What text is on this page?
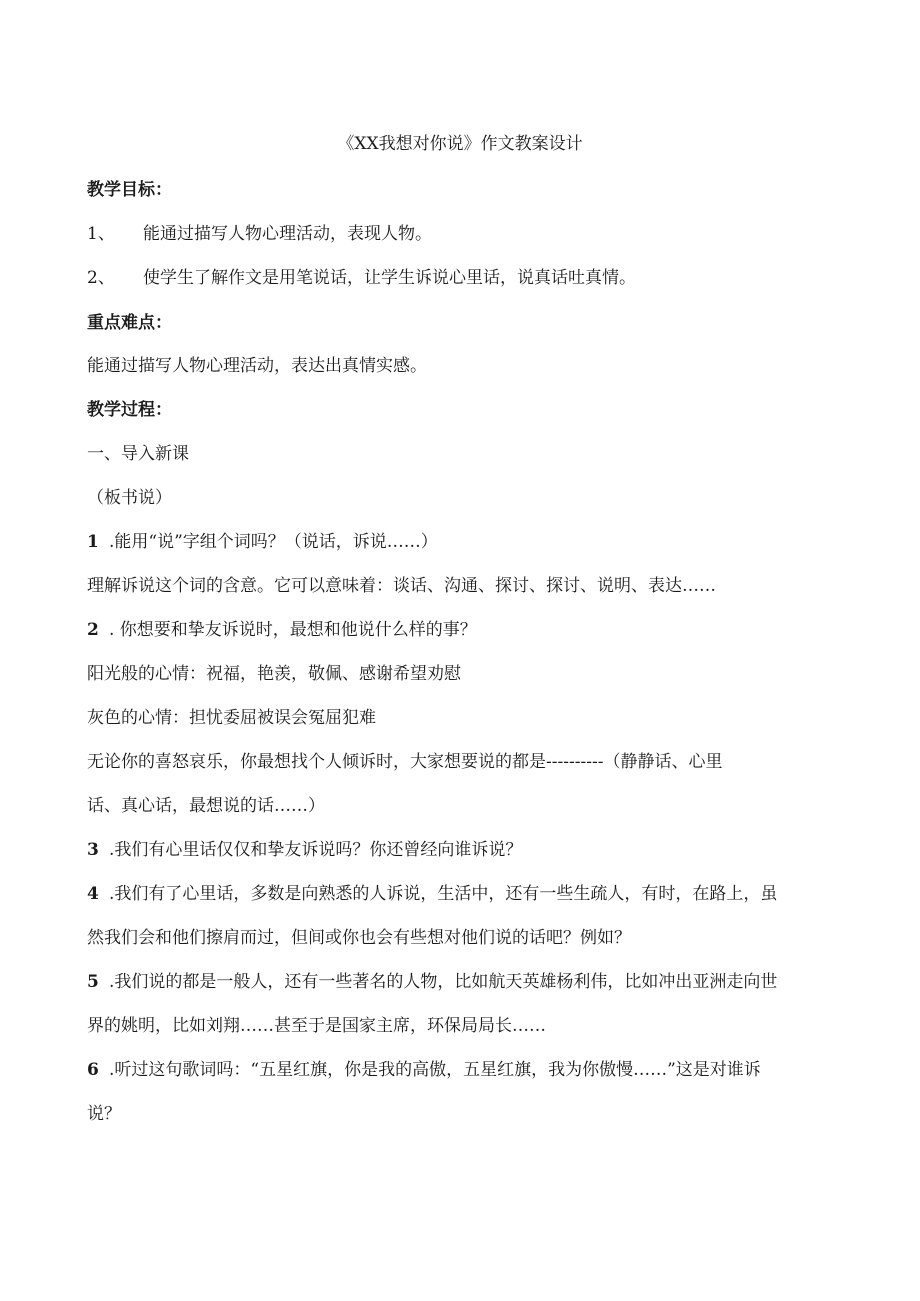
《XX我想对你说》作文教案设计
教学目标：
1、 能通过描写人物心理活动，表现人物。
2、 使学生了解作文是用笔说话，让学生诉说心里话，说真话吐真情。
重点难点：
能通过描写人物心理活动，表达出真情实感。
教学过程：
一、导入新课
（板书说）
1 .能用“说”字组个词吗？（说话，诉说……）
理解诉说这个词的含意。它可以意味着：谈话、沟通、探讨、探讨、说明、表达……
2 . 你想要和挚友诉说时，最想和他说什么样的事？
阳光般的心情：祝福，艳羡，敬佩、感谢希望劝慰
灰色的心情：担忧委屈被误会冤屈犯难
无论你的喜怒哀乐，你最想找个人倾诉时，大家想要说的都是----------（静静话、心里
话、真心话，最想说的话……）
3 .我们有心里话仅仅和挚友诉说吗？你还曾经向谁诉说？
4 .我们有了心里话，多数是向熟悉的人诉说，生活中，还有一些生疏人，有时，在路上，虽
然我们会和他们擦肩而过，但间或你也会有些想对他们说的话吧？例如？
5 .我们说的都是一般人，还有一些著名的人物，比如航天英雄杨利伟，比如冲出亚洲走向世
界的姚明，比如刘翔……甚至于是国家主席，环保局局长……
6 .听过这句歌词吗：“五星红旗，你是我的高傲，五星红旗，我为你傲慢……”这是对谁诉
说？
